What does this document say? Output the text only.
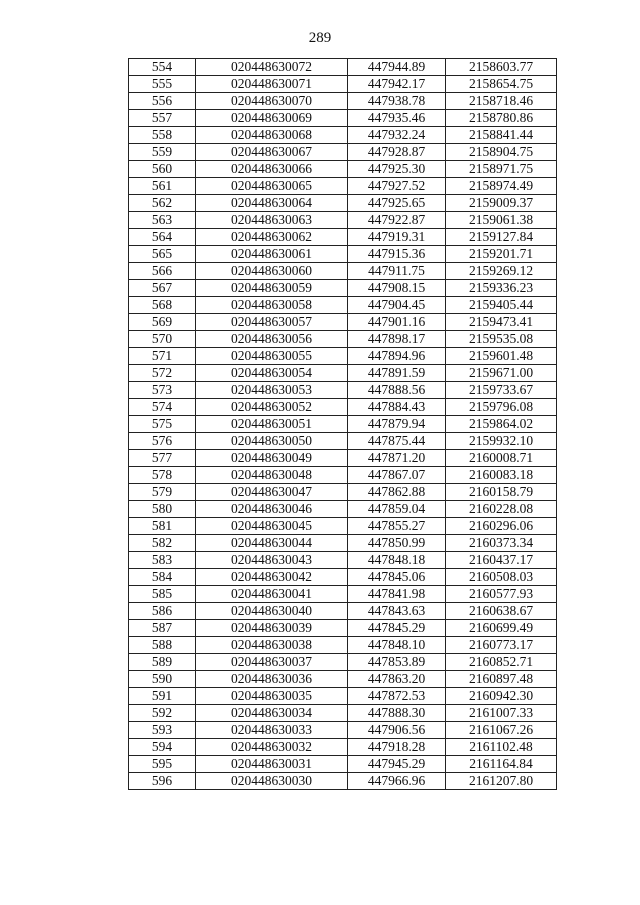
289
554	020448630072	447944.89	2158603.77
555	020448630071	447942.17	2158654.75
556	020448630070	447938.78	2158718.46
557	020448630069	447935.46	2158780.86
558	020448630068	447932.24	2158841.44
559	020448630067	447928.87	2158904.75
560	020448630066	447925.30	2158971.75
561	020448630065	447927.52	2158974.49
562	020448630064	447925.65	2159009.37
563	020448630063	447922.87	2159061.38
564	020448630062	447919.31	2159127.84
565	020448630061	447915.36	2159201.71
566	020448630060	447911.75	2159269.12
567	020448630059	447908.15	2159336.23
568	020448630058	447904.45	2159405.44
569	020448630057	447901.16	2159473.41
570	020448630056	447898.17	2159535.08
571	020448630055	447894.96	2159601.48
572	020448630054	447891.59	2159671.00
573	020448630053	447888.56	2159733.67
574	020448630052	447884.43	2159796.08
575	020448630051	447879.94	2159864.02
576	020448630050	447875.44	2159932.10
577	020448630049	447871.20	2160008.71
578	020448630048	447867.07	2160083.18
579	020448630047	447862.88	2160158.79
580	020448630046	447859.04	2160228.08
581	020448630045	447855.27	2160296.06
582	020448630044	447850.99	2160373.34
583	020448630043	447848.18	2160437.17
584	020448630042	447845.06	2160508.03
585	020448630041	447841.98	2160577.93
586	020448630040	447843.63	2160638.67
587	020448630039	447845.29	2160699.49
588	020448630038	447848.10	2160773.17
589	020448630037	447853.89	2160852.71
590	020448630036	447863.20	2160897.48
591	020448630035	447872.53	2160942.30
592	020448630034	447888.30	2161007.33
593	020448630033	447906.56	2161067.26
594	020448630032	447918.28	2161102.48
595	020448630031	447945.29	2161164.84
596	020448630030	447966.96	2161207.80
